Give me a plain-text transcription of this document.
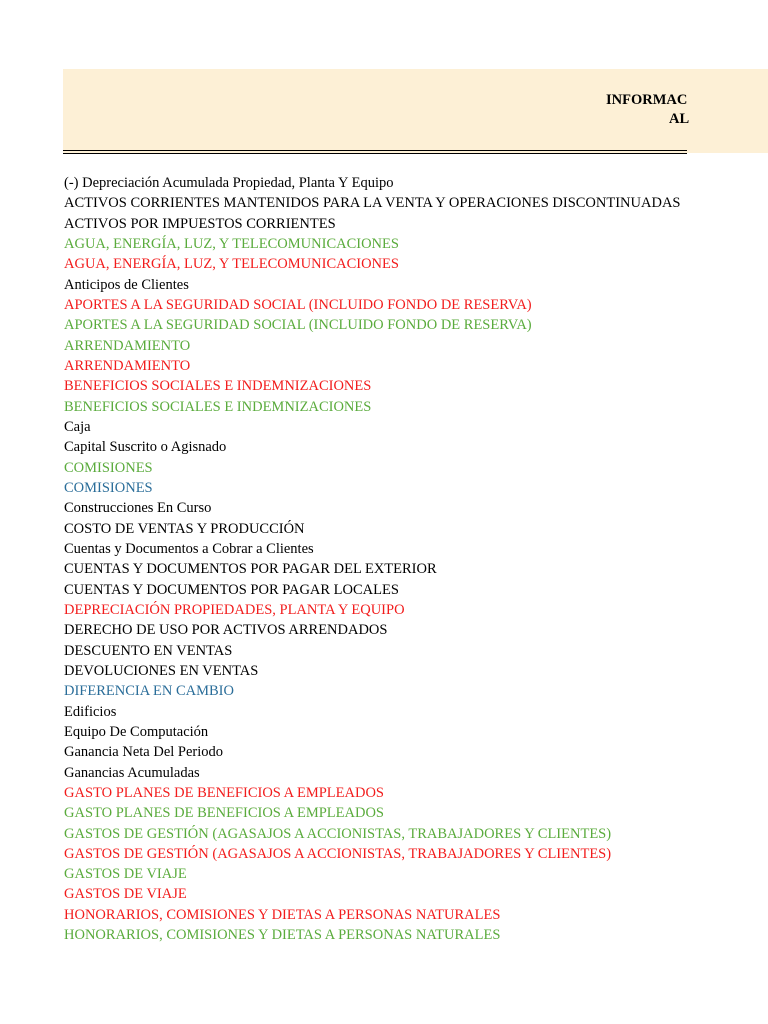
INFORMAC
AL
(-) Depreciación Acumulada Propiedad, Planta Y Equipo
ACTIVOS CORRIENTES MANTENIDOS PARA LA VENTA Y OPERACIONES DISCONTINUADAS
ACTIVOS POR IMPUESTOS CORRIENTES
AGUA, ENERGÍA, LUZ, Y TELECOMUNICACIONES
AGUA, ENERGÍA, LUZ, Y TELECOMUNICACIONES
Anticipos de Clientes
APORTES A LA SEGURIDAD SOCIAL (INCLUIDO FONDO DE RESERVA)
APORTES A LA SEGURIDAD SOCIAL (INCLUIDO FONDO DE RESERVA)
ARRENDAMIENTO
ARRENDAMIENTO
BENEFICIOS SOCIALES E INDEMNIZACIONES
BENEFICIOS SOCIALES E INDEMNIZACIONES
Caja
Capital Suscrito o Agisnado
COMISIONES
COMISIONES
Construcciones En Curso
COSTO DE VENTAS Y PRODUCCIÓN
Cuentas y Documentos a Cobrar a Clientes
CUENTAS Y DOCUMENTOS POR PAGAR DEL EXTERIOR
CUENTAS Y DOCUMENTOS POR PAGAR LOCALES
DEPRECIACIÓN PROPIEDADES, PLANTA Y EQUIPO
DERECHO DE USO POR ACTIVOS ARRENDADOS
DESCUENTO EN VENTAS
DEVOLUCIONES EN VENTAS
DIFERENCIA EN CAMBIO
Edificios
Equipo De Computación
Ganancia Neta Del Periodo
Ganancias Acumuladas
GASTO PLANES DE BENEFICIOS A EMPLEADOS
GASTO PLANES DE BENEFICIOS A EMPLEADOS
GASTOS DE GESTIÓN (AGASAJOS A ACCIONISTAS, TRABAJADORES Y CLIENTES)
GASTOS DE GESTIÓN (AGASAJOS A ACCIONISTAS, TRABAJADORES Y CLIENTES)
GASTOS DE VIAJE
GASTOS DE VIAJE
HONORARIOS, COMISIONES Y DIETAS A PERSONAS NATURALES
HONORARIOS, COMISIONES Y DIETAS A PERSONAS NATURALES
